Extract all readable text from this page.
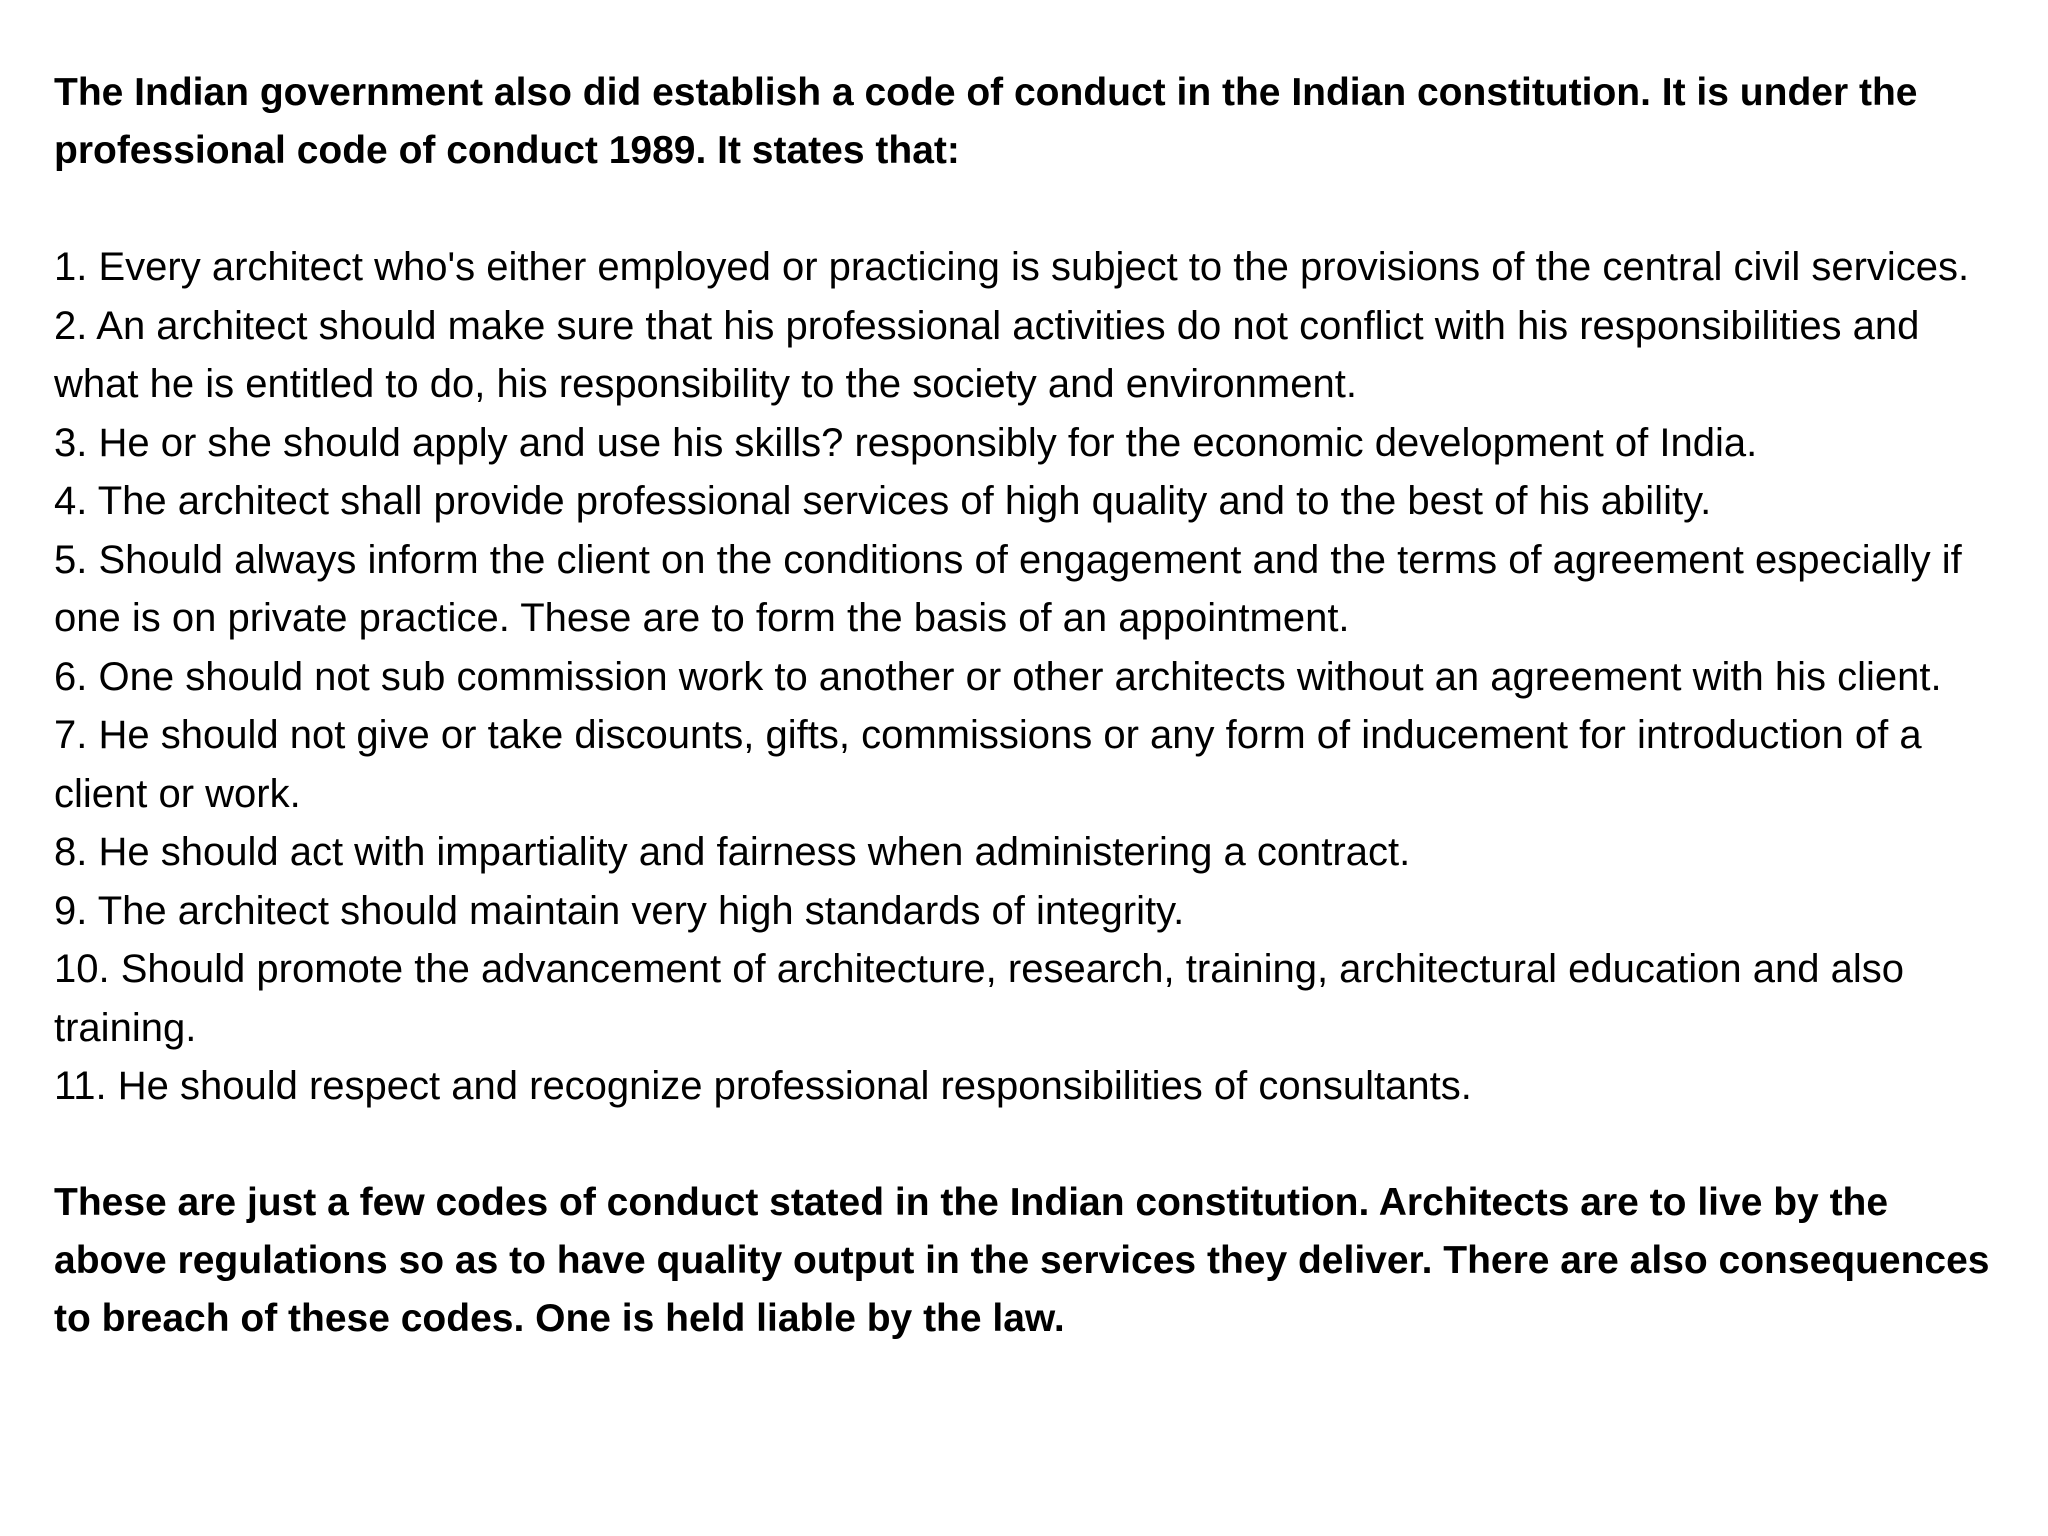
The Indian government also did establish a code of conduct in the Indian constitution. It is under the professional code of conduct 1989. It states that:

1. Every architect who's either employed or practicing is subject to the provisions of the central civil services.
2. An architect should make sure that his professional activities do not conflict with his responsibilities and what he is entitled to do, his responsibility to the society and environment.
3. He or she should apply and use his skills? responsibly for the economic development of India.
4. The architect shall provide professional services of high quality and to the best of his ability.
5. Should always inform the client on the conditions of engagement and the terms of agreement especially if one is on private practice. These are to form the basis of an appointment.
6. One should not sub commission work to another or other architects without an agreement with his client.
7. He should not give or take discounts, gifts, commissions or any form of inducement for introduction of a client or work.
8. He should act with impartiality and fairness when administering a contract.
9. The architect should maintain very high standards of integrity.
10. Should promote the advancement of architecture, research, training, architectural education and also training.
11. He should respect and recognize professional responsibilities of consultants.

These are just a few codes of conduct stated in the Indian constitution. Architects are to live by the above regulations so as to have quality output in the services they deliver. There are also consequences to breach of these codes. One is held liable by the law.
